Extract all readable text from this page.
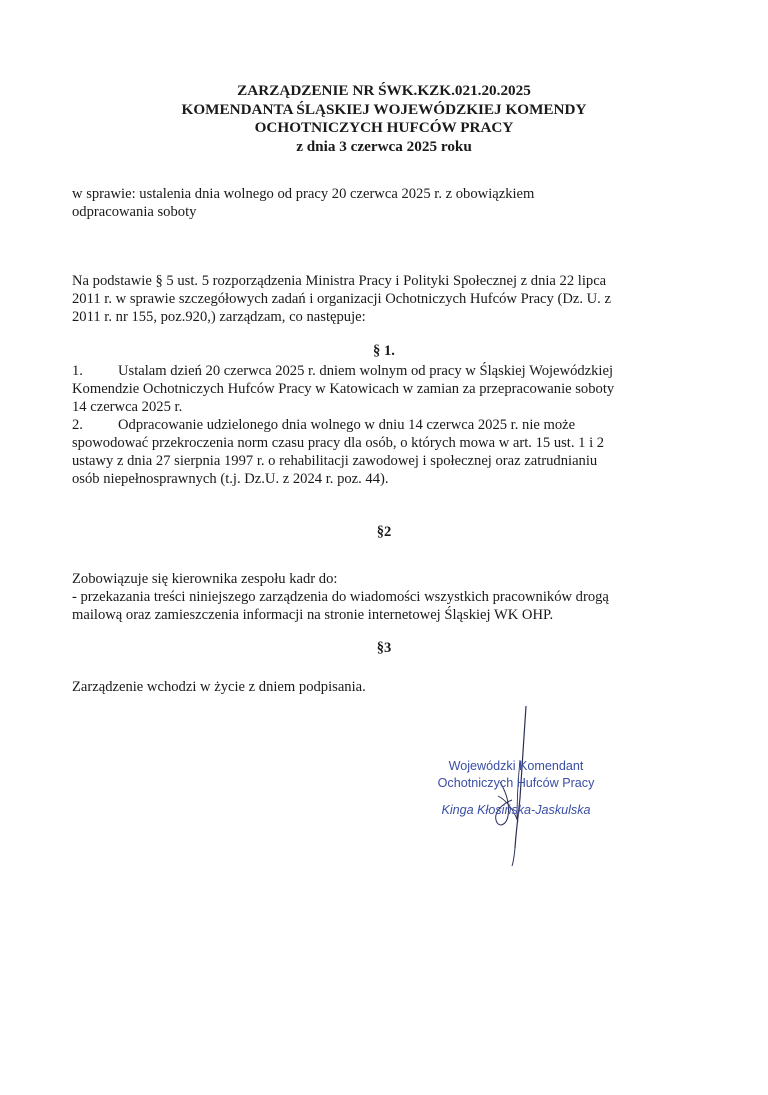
ZARZĄDZENIE NR ŚWK.KZK.021.20.2025
KOMENDANTA ŚLĄSKIEJ WOJEWÓDZKIEJ KOMENDY
OCHOTNICZYCH HUFCÓW PRACY
z dnia 3 czerwca 2025 roku
w sprawie: ustalenia dnia wolnego od pracy 20 czerwca 2025 r. z obowiązkiem
odpracowania soboty
Na podstawie § 5 ust. 5 rozporządzenia Ministra Pracy i Polityki Społecznej z dnia 22 lipca
2011 r. w sprawie szczegółowych zadań i organizacji Ochotniczych Hufców Pracy (Dz. U. z
2011 r. nr 155, poz.920,) zarządzam, co następuje:
§ 1.
1. Ustalam dzień 20 czerwca 2025 r. dniem wolnym od pracy w Śląskiej Wojewódzkiej
Komendzie Ochotniczych Hufców Pracy w Katowicach w zamian za przepracowanie soboty
14 czerwca 2025 r.
2. Odpracowanie udzielonego dnia wolnego w dniu 14 czerwca 2025 r. nie może
spowodować przekroczenia norm czasu pracy dla osób, o których mowa w art. 15 ust. 1 i 2
ustawy z dnia 27 sierpnia 1997 r. o rehabilitacji zawodowej i społecznej oraz zatrudnianiu
osób niepełnosprawnych (t.j. Dz.U. z 2024 r. poz. 44).
§2
Zobowiązuje się kierownika zespołu kadr do:
- przekazania treści niniejszego zarządzenia do wiadomości wszystkich pracowników drogą
mailową oraz zamieszczenia informacji na stronie internetowej Śląskiej WK OHP.
§3
Zarządzenie wchodzi w życie z dniem podpisania.
Wojewódzki Komendant
Ochotniczych Hufców Pracy
Kinga Kłosińska-Jaskulska
